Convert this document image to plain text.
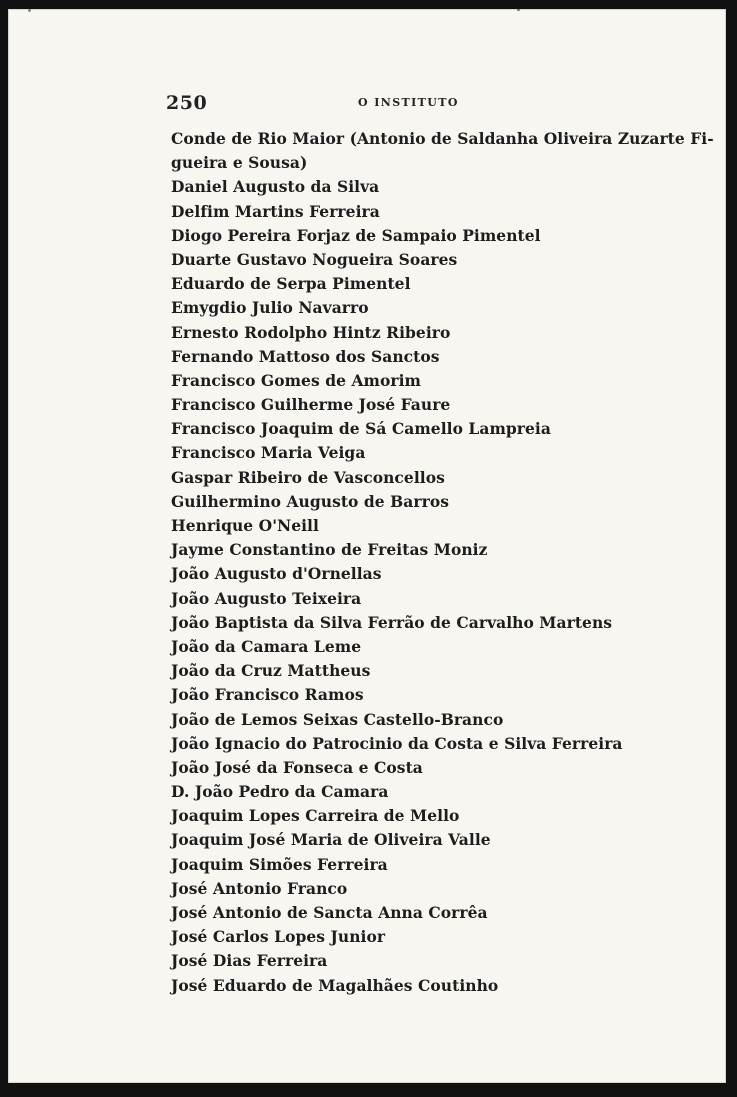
250	O INSTITUTO
Conde de Rio Maior (Antonio de Saldanha Oliveira Zuzarte Fi-
gueira e Sousa)
Daniel Augusto da Silva
Delfim Martins Ferreira
Diogo Pereira Forjaz de Sampaio Pimentel
Duarte Gustavo Nogueira Soares
Eduardo de Serpa Pimentel
Emygdio Julio Navarro
Ernesto Rodolpho Hintz Ribeiro
Fernando Mattoso dos Sanctos
Francisco Gomes de Amorim
Francisco Guilherme José Faure
Francisco Joaquim de Sá Camello Lampreia
Francisco Maria Veiga
Gaspar Ribeiro de Vasconcellos
Guilhermino Augusto de Barros
Henrique O'Neill
Jayme Constantino de Freitas Moniz
João Augusto d'Ornellas
João Augusto Teixeira
João Baptista da Silva Ferrão de Carvalho Martens
João da Camara Leme
João da Cruz Mattheus
João Francisco Ramos
João de Lemos Seixas Castello-Branco
João Ignacio do Patrocinio da Costa e Silva Ferreira
João José da Fonseca e Costa
D. João Pedro da Camara
Joaquim Lopes Carreira de Mello
Joaquim José Maria de Oliveira Valle
Joaquim Simões Ferreira
José Antonio Franco
José Antonio de Sancta Anna Corrêa
José Carlos Lopes Junior
José Dias Ferreira
José Eduardo de Magalhães Coutinho
